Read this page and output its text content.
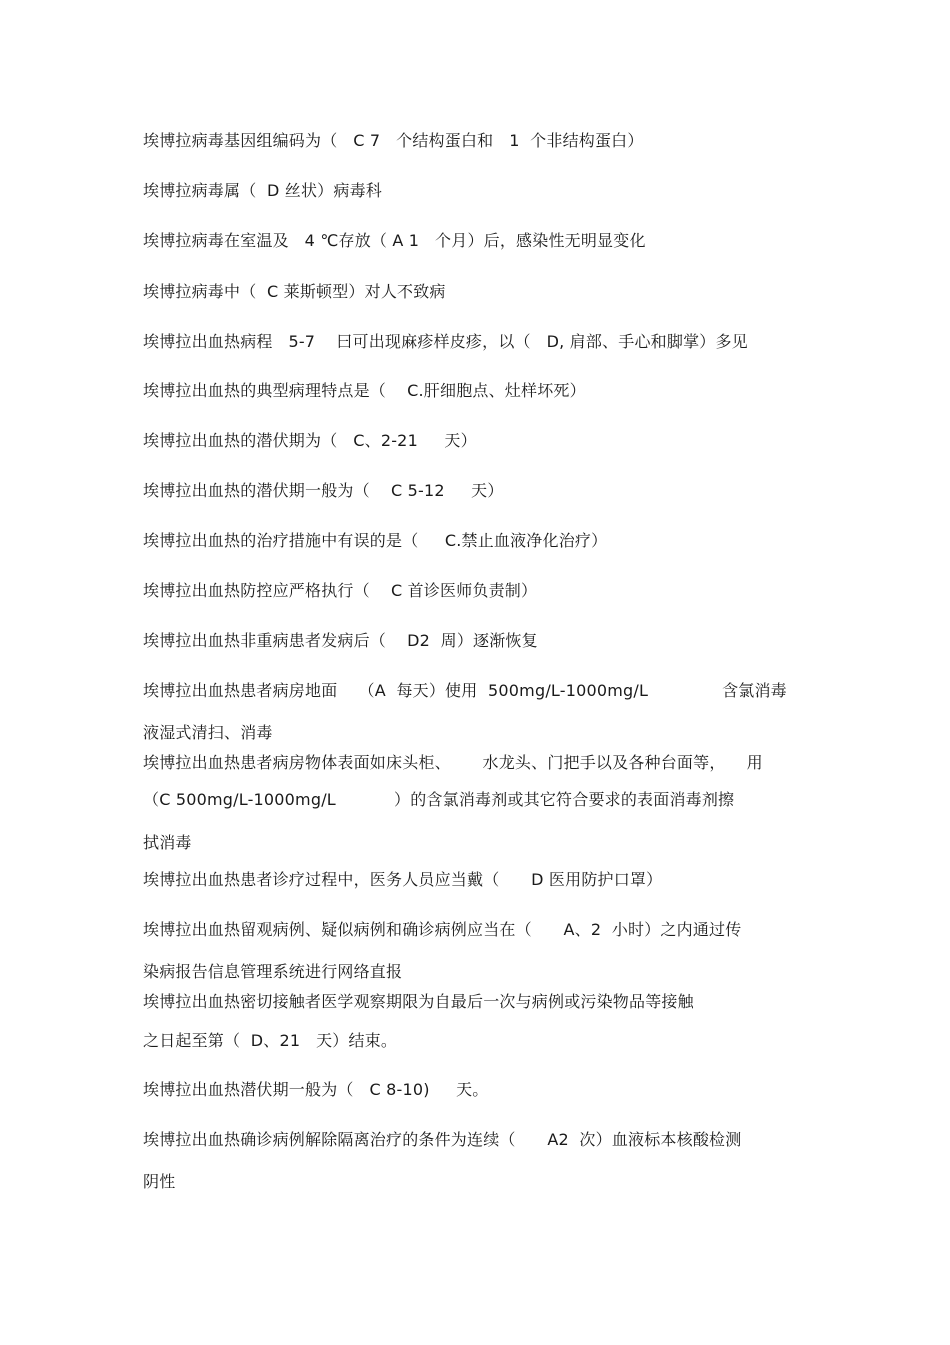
埃博拉病毒基因组编码为（   C 7   个结构蛋白和   1  个非结构蛋白）
埃博拉病毒属（  D 丝状）病毒科
埃博拉病毒在室温及   4 ℃存放（ A 1   个月）后，感染性无明显变化
埃博拉病毒中（  C 莱斯顿型）对人不致病
埃博拉出血热病程   5-7    曰可出现麻疹样皮疹，以（   D, 肩部、手心和脚掌）多见
埃博拉出血热的典型病理特点是（    C.肝细胞点、灶样坏死）
埃博拉出血热的潜伏期为（   C、2-21     天）
埃博拉出血热的潜伏期一般为（    C 5-12     天）
埃博拉出血热的治疗措施中有误的是（     C.禁止血液净化治疗）
埃博拉出血热防控应严格执行（    C 首诊医师负责制）
埃博拉出血热非重病患者发病后（    D2  周）逐渐恢复
埃博拉出血热患者病房地面    （A  每天）使用  500mg/L-1000mg/L              含氯消毒
液湿式清扫、消毒
埃博拉出血热患者病房物体表面如床头柜、      水龙头、门把手以及各种台面等，    用
（C 500mg/L-1000mg/L           ）的含氯消毒剂或其它符合要求的表面消毒剂擦
拭消毒
埃博拉出血热患者诊疗过程中，医务人员应当戴（      D 医用防护口罩）
埃博拉出血热留观病例、疑似病例和确诊病例应当在（      A、2  小时）之内通过传
染病报告信息管理系统进行网络直报
埃博拉出血热密切接触者医学观察期限为自最后一次与病例或污染物品等接触
之日起至第（  D、21   天）结束。
埃博拉出血热潜伏期一般为（   C 8-10)     天。
埃博拉出血热确诊病例解除隔离治疗的条件为连续（      A2  次）血液标本核酸检测
阴性
